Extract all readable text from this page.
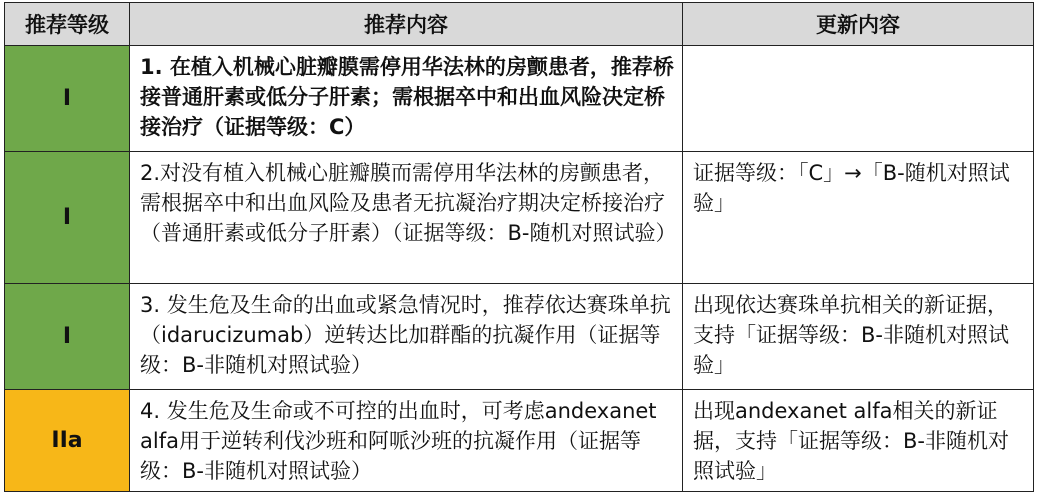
推荐等级	推荐内容	更新内容
I	1. 在植入机械心脏瓣膜需停用华法林的房颤患者，推荐桥接普通肝素或低分子肝素；需根据卒中和出血风险决定桥接治疗（证据等级：C）	
I	2.对没有植入机械心脏瓣膜而需停用华法林的房颤患者，需根据卒中和出血风险及患者无抗凝治疗期决定桥接治疗（普通肝素或低分子肝素）（证据等级：B-随机对照试验）	证据等级：「C」→「B-随机对照试验」
I	3. 发生危及生命的出血或紧急情况时，推荐依达赛珠单抗（idarucizumab）逆转达比加群酯的抗凝作用（证据等级：B-非随机对照试验）	出现依达赛珠单抗相关的新证据，支持「证据等级：B-非随机对照试验」
IIa	4. 发生危及生命或不可控的出血时，可考虑andexanet alfa用于逆转利伐沙班和阿哌沙班的抗凝作用（证据等级：B-非随机对照试验）	出现andexanet alfa相关的新证据，支持「证据等级：B-非随机对照试验」
